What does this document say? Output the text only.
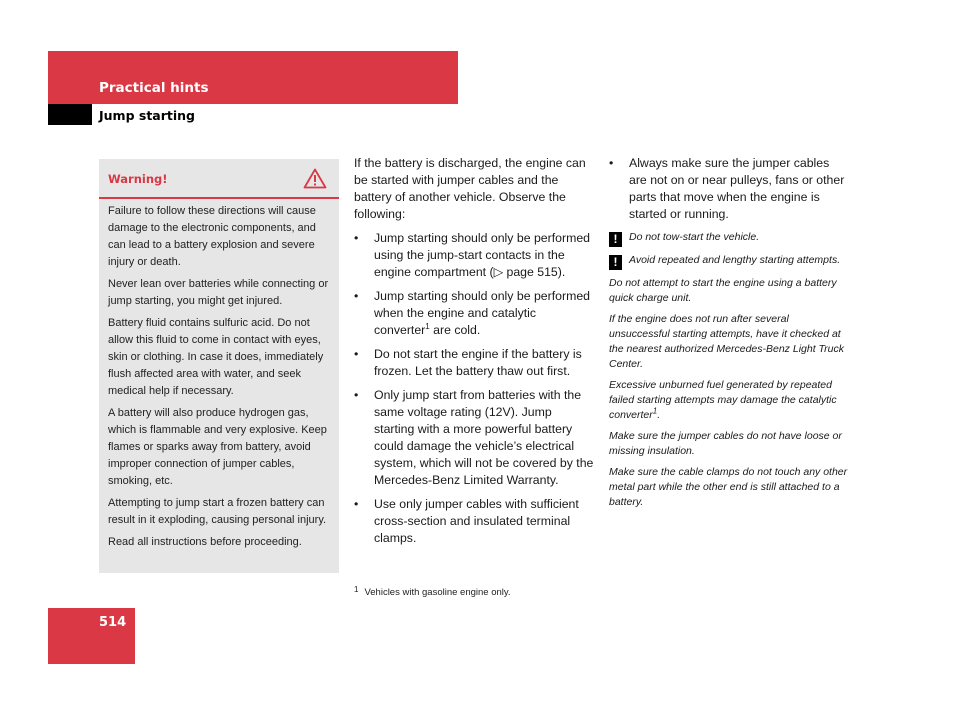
Practical hints
Jump starting
Warning!

Failure to follow these directions will cause damage to the electronic components, and can lead to a battery explosion and severe injury or death.

Never lean over batteries while connecting or jump starting, you might get injured.

Battery fluid contains sulfuric acid. Do not allow this fluid to come in contact with eyes, skin or clothing. In case it does, immediately flush affected area with water, and seek medical help if necessary.

A battery will also produce hydrogen gas, which is flammable and very explosive. Keep flames or sparks away from battery, avoid improper connection of jumper cables, smoking, etc.

Attempting to jump start a frozen battery can result in it exploding, causing personal injury.

Read all instructions before proceeding.

If the battery is discharged, the engine can be started with jumper cables and the battery of another vehicle. Observe the following:

• Jump starting should only be performed using the jump-start contacts in the engine compartment (▷ page 515).
• Jump starting should only be performed when the engine and catalytic converter$^1$ are cold.
• Do not start the engine if the battery is frozen. Let the battery thaw out first.
• Only jump start from batteries with the same voltage rating (12V). Jump starting with a more powerful battery could damage the vehicle’s electrical system, which will not be covered by the Mercedes-Benz Limited Warranty.
• Use only jumper cables with sufficient cross-section and insulated terminal clamps.
• Always make sure the jumper cables are not on or near pulleys, fans or other parts that move when the engine is started or running.

! Do not tow-start the vehicle.

! Avoid repeated and lengthy starting attempts.

Do not attempt to start the engine using a battery quick charge unit.

If the engine does not run after several unsuccessful starting attempts, have it checked at the nearest authorized Mercedes-Benz Light Truck Center.

Excessive unburned fuel generated by repeated failed starting attempts may damage the catalytic converter$^1$.

Make sure the jumper cables do not have loose or missing insulation.

Make sure the cable clamps do not touch any other metal part while the other end is still attached to a battery.

$^1$ Vehicles with gasoline engine only.
514
